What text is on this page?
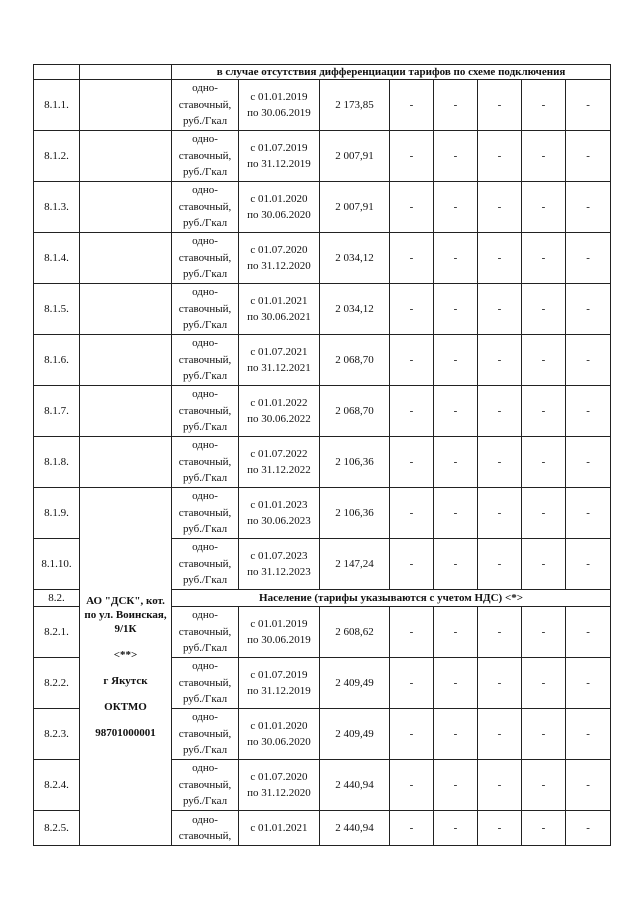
		в случае отсутствия дифференциации тарифов по схеме подключения							
8.1.1.		одно-
ставочный,
руб./Гкал	с 01.01.2019
по 30.06.2019	2 173,85	-	-	-	-	-
8.1.2.		одно-
ставочный,
руб./Гкал	с 01.07.2019
по 31.12.2019	2 007,91	-	-	-	-	-
8.1.3.		одно-
ставочный,
руб./Гкал	с 01.01.2020
по 30.06.2020	2 007,91	-	-	-	-	-
8.1.4.		одно-
ставочный,
руб./Гкал	с 01.07.2020
по 31.12.2020	2 034,12	-	-	-	-	-
8.1.5.		одно-
ставочный,
руб./Гкал	с 01.01.2021
по 30.06.2021	2 034,12	-	-	-	-	-
8.1.6.		одно-
ставочный,
руб./Гкал	с 01.07.2021
по 31.12.2021	2 068,70	-	-	-	-	-
8.1.7.		одно-
ставочный,
руб./Гкал	с 01.01.2022
по 30.06.2022	2 068,70	-	-	-	-	-
8.1.8.		одно-
ставочный,
руб./Гкал	с 01.07.2022
по 31.12.2022	2 106,36	-	-	-	-	-
8.1.9.	АО "ДСК", кот. по ул. Воинская, 9/1К
<**>
г Якутск
ОКТМО
98701000001	одно-
ставочный,
руб./Гкал	с 01.01.2023
по 30.06.2023	2 106,36	-	-	-	-	-
8.1.10.		одно-
ставочный,
руб./Гкал	с 01.07.2023
по 31.12.2023	2 147,24	-	-	-	-	-
8.2.		Население (тарифы указываются с учетом НДС) <*>							
8.2.1.		одно-
ставочный,
руб./Гкал	с 01.01.2019
по 30.06.2019	2 608,62	-	-	-	-	-
8.2.2.		одно-
ставочный,
руб./Гкал	с 01.07.2019
по 31.12.2019	2 409,49	-	-	-	-	-
8.2.3.		одно-
ставочный,
руб./Гкал	с 01.01.2020
по 30.06.2020	2 409,49	-	-	-	-	-
8.2.4.		одно-
ставочный,
руб./Гкал	с 01.07.2020
по 31.12.2020	2 440,94	-	-	-	-	-
8.2.5.		одно-
ставочный,	с 01.01.2021	2 440,94	-	-	-	-	-
